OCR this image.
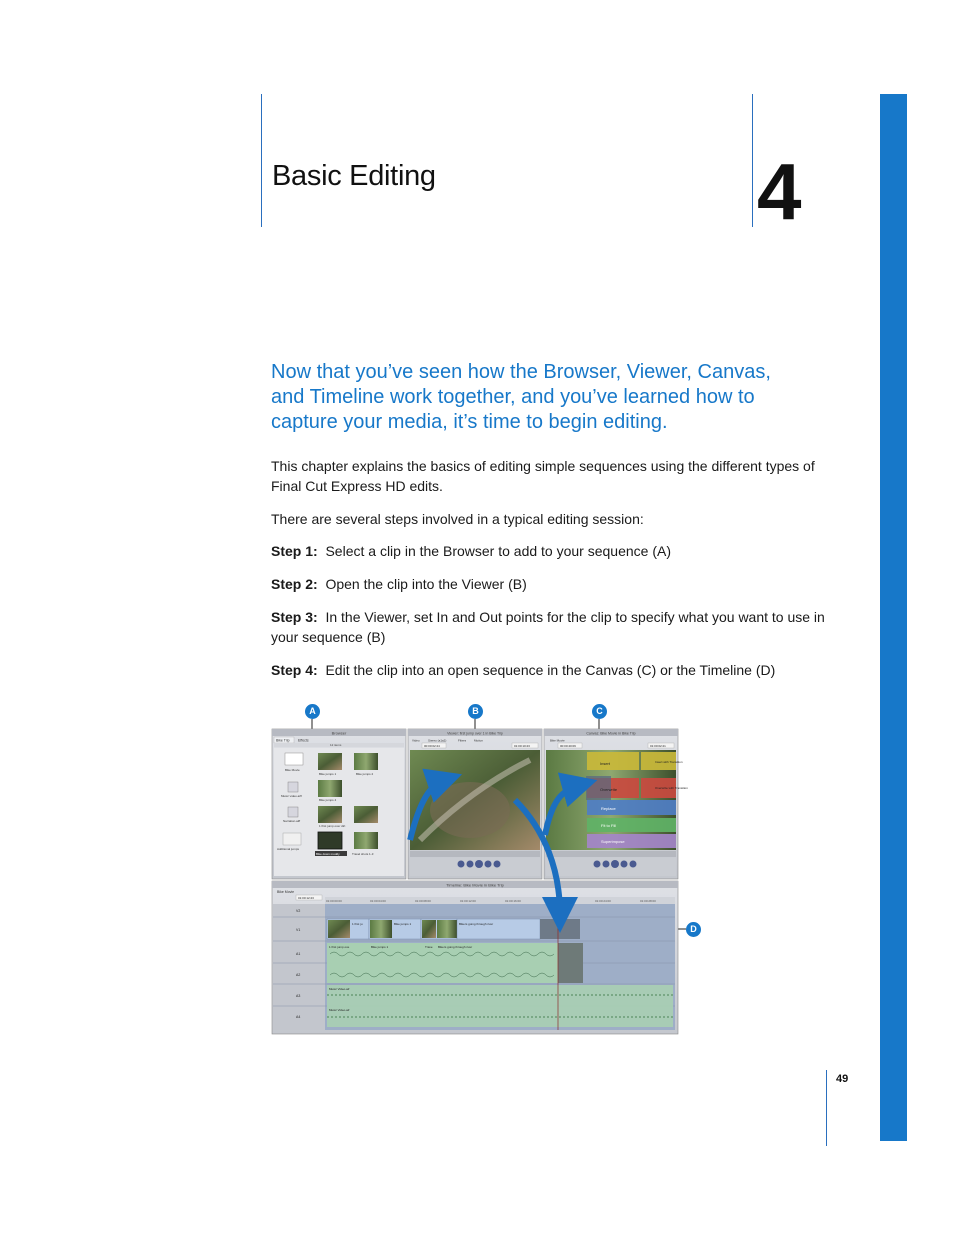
Basic Editing	4

Now that you’ve seen how the Browser, Viewer, Canvas, and Timeline work together, and you’ve learned how to capture your media, it’s time to begin editing.

This chapter explains the basics of editing simple sequences using the different types of Final Cut Express HD edits.

There are several steps involved in a typical editing session:

Step 1: Select a clip in the Browser to add to your sequence (A)

Step 2: Open the clip into the Viewer (B)

Step 3: In the Viewer, set In and Out points for the clip to specify what you want to use in your sequence (B)

Step 4: Edit the clip into an open sequence in the Canvas (C) or the Timeline (D)

A	B	C
D
Browser
Bike Trip Effects
12 items
Bike Movie
Bike jumps 1	Bike jumps 2
Music video.aiff
Bike jumps 4
Narration.aiff
1 first jump over dirt
Additional jumps
Bike down muddy	Travel shots 1-3
Viewer: first jump over 1 in Bike Trip
Video	Stereo (a1a2)	Filters	Motion
00:00:02:24	01:00:10:23
Canvas: Bike Movie in Bike Trip
Bike Movie
00:00:40:09	01:00:02:21
Insert	Insert with Transition
Overwrite	Overwrite with Transition
Replace
Fit to Fill
Superimpose
Timeline: Bike Movie in Bike Trip
Bike Movie
01:00:12:23
01:00:00:00	01:00:04:00	01:00:08:00	01:00:12:00	01:00:16:00	01:00:20:00	01:00:24:00	01:00:28:00
V2
V1
A1
A2
A3
A4
1 first ju	Bike jumps 1	Bikers going through river
1 first jump ove	Bike jumps 1	Trave Bikers going through river
Music Video.aif
Music Video.aif
49
